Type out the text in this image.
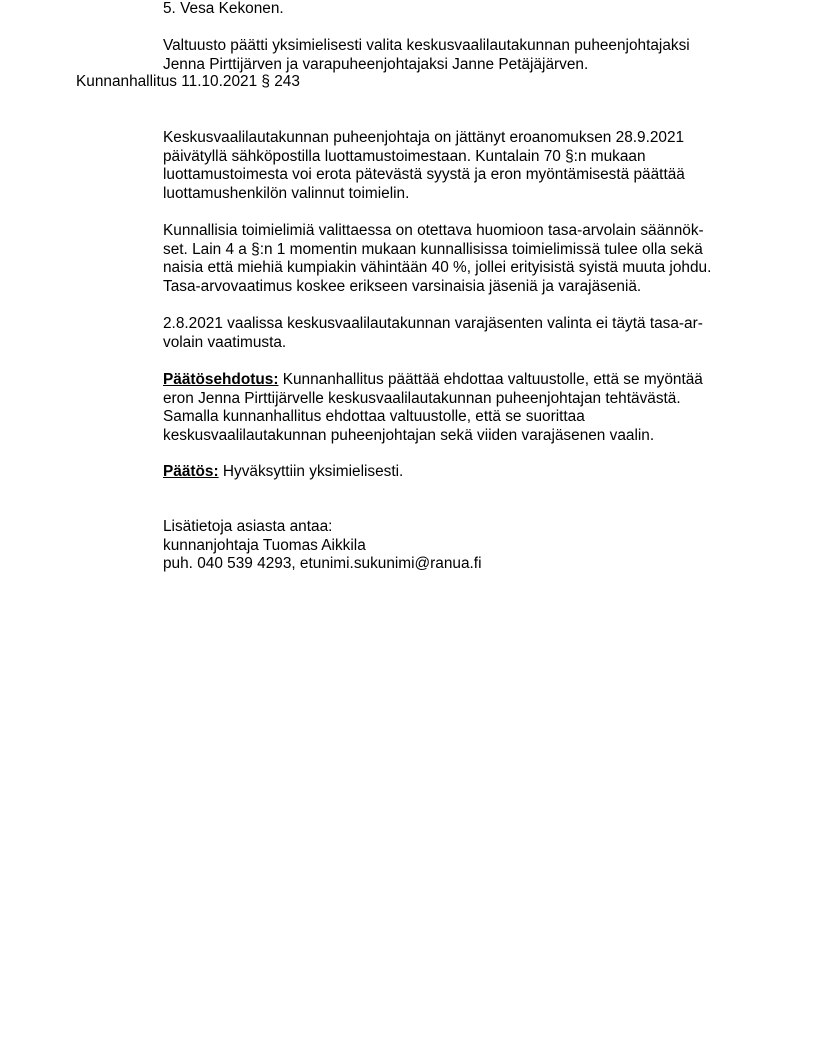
5. Vesa Kekonen.
Valtuusto päätti yksimielisesti valita keskusvaalilautakunnan puheenjohtajaksi
Jenna Pirttijärven ja varapuheenjohtajaksi Janne Petäjäjärven.
Kunnanhallitus 11.10.2021 § 243
Keskusvaalilautakunnan puheenjohtaja on jättänyt eroanomuksen 28.9.2021
päivätyllä sähköpostilla luottamustoimestaan. Kuntalain 70 §:n mukaan
luottamustoimesta voi erota pätevästä syystä ja eron myöntämisestä päättää
luottamushenkilön valinnut toimielin.
Kunnallisia toimielimiä valittaessa on otettava huomioon tasa-arvolain säännök-
set. Lain 4 a §:n 1 momentin mukaan kunnallisissa toimielimissä tulee olla sekä
naisia että miehiä kumpiakin vähintään 40 %, jollei erityisistä syistä muuta johdu.
Tasa-arvovaatimus koskee erikseen varsinaisia jäseniä ja varajäseniä.
2.8.2021 vaalissa keskusvaalilautakunnan varajäsenten valinta ei täytä tasa-ar-
volain vaatimusta.
Päätösehdotus: Kunnanhallitus päättää ehdottaa valtuustolle, että se myöntää
eron Jenna Pirttijärvelle keskusvaalilautakunnan puheenjohtajan tehtävästä.
Samalla kunnanhallitus ehdottaa valtuustolle, että se suorittaa
keskusvaalilautakunnan puheenjohtajan sekä viiden varajäsenen vaalin.
Päätös: Hyväksyttiin yksimielisesti.
Lisätietoja asiasta antaa:
kunnanjohtaja Tuomas Aikkila
puh. 040 539 4293, etunimi.sukunimi@ranua.fi
